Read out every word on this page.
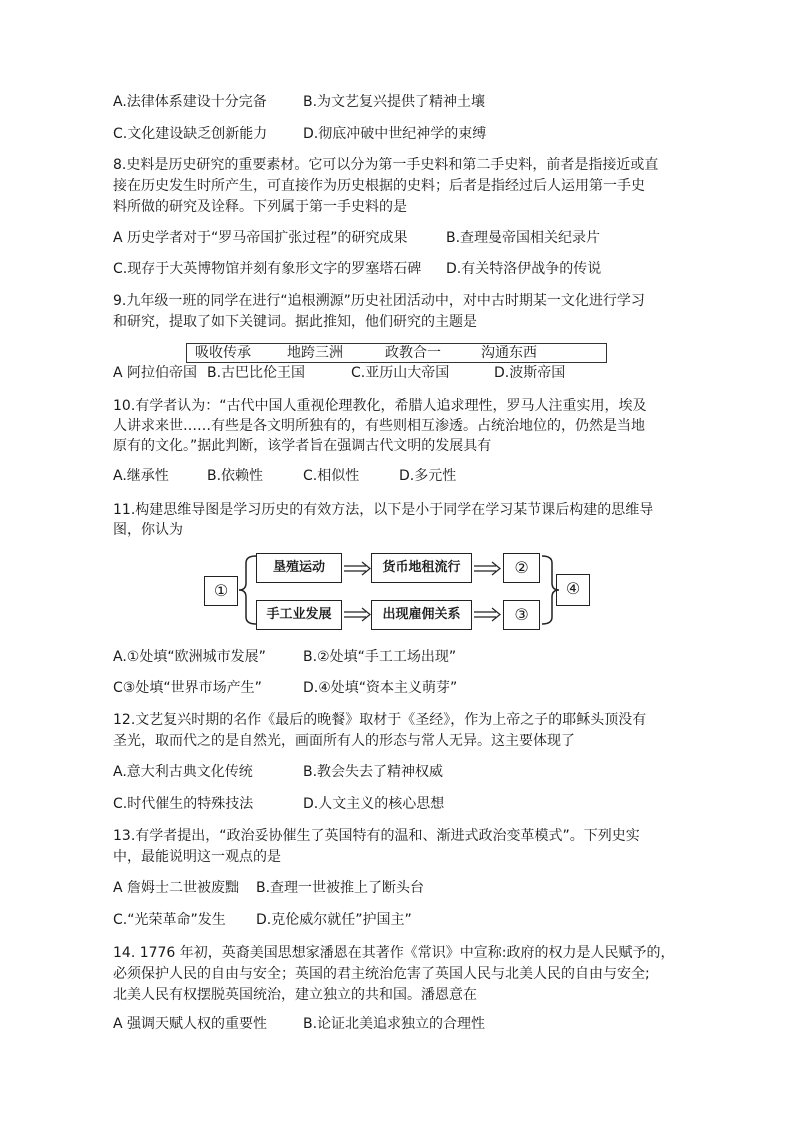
A.法律体系建设十分完备	B.为文艺复兴提供了精神土壤
C.文化建设缺乏创新能力	D.彻底冲破中世纪神学的束缚
8.史料是历史研究的重要素材。它可以分为第一手史料和第二手史料，前者是指接近或直
接在历史发生时所产生，可直接作为历史根据的史料；后者是指经过后人运用第一手史
料所做的研究及诠释。下列属于第一手史料的是
A 历史学者对于“罗马帝国扩张过程”的研究成果	B.查理曼帝国相关纪录片
C.现存于大英博物馆并刻有象形文字的罗塞塔石碑 D.有关特洛伊战争的传说
9.九年级一班的同学在进行“追根溯源”历史社团活动中，对中古时期某一文化进行学习
和研究，提取了如下关键词。据此推知，他们研究的主题是
吸收传承	地跨三洲	政教合一	沟通东西
A 阿拉伯帝国 B.古巴比伦王国	C.亚历山大帝国	D.波斯帝国
10.有学者认为：“古代中国人重视伦理教化，希腊人追求理性，罗马人注重实用，埃及
人讲求来世……有些是各文明所独有的，有些则相互渗透。占统治地位的，仍然是当地
原有的文化。”据此判断，该学者旨在强调古代文明的发展具有
A.继承性	B.依赖性	C.相似性	D.多元性
11.构建思维导图是学习历史的有效方法，以下是小于同学在学习某节课后构建的思维导
图，你认为
①
垦殖运动	货币地租流行	②
手工业发展	出现雇佣关系	③
④
A.①处填“欧洲城市发展”	B.②处填“手工工场出现”
C③处填“世界市场产生”	D.④处填“资本主义萌芽”
12.文艺复兴时期的名作《最后的晚餐》取材于《圣经》，作为上帝之子的耶稣头顶没有
圣光，取而代之的是自然光，画面所有人的形态与常人无异。这主要体现了
A.意大利古典文化传统	B.教会失去了精神权威
C.时代催生的特殊技法	D.人文主义的核心思想
13.有学者提出，“政治妥协催生了英国特有的温和、渐进式政治变革模式”。下列史实
中，最能说明这一观点的是
A 詹姆士二世被废黜 B.查理一世被推上了断头台
C.“光荣革命”发生 D.克伦威尔就任”护国主”
14. 1776 年初，英裔美国思想家潘恩在其著作《常识》中宣称:政府的权力是人民赋予的，
必须保护人民的自由与安全；英国的君主统治危害了英国人民与北美人民的自由与安全;
北美人民有权摆脱英国统治，建立独立的共和国。潘恩意在
A 强调天赋人权的重要性	B.论证北美追求独立的合理性
